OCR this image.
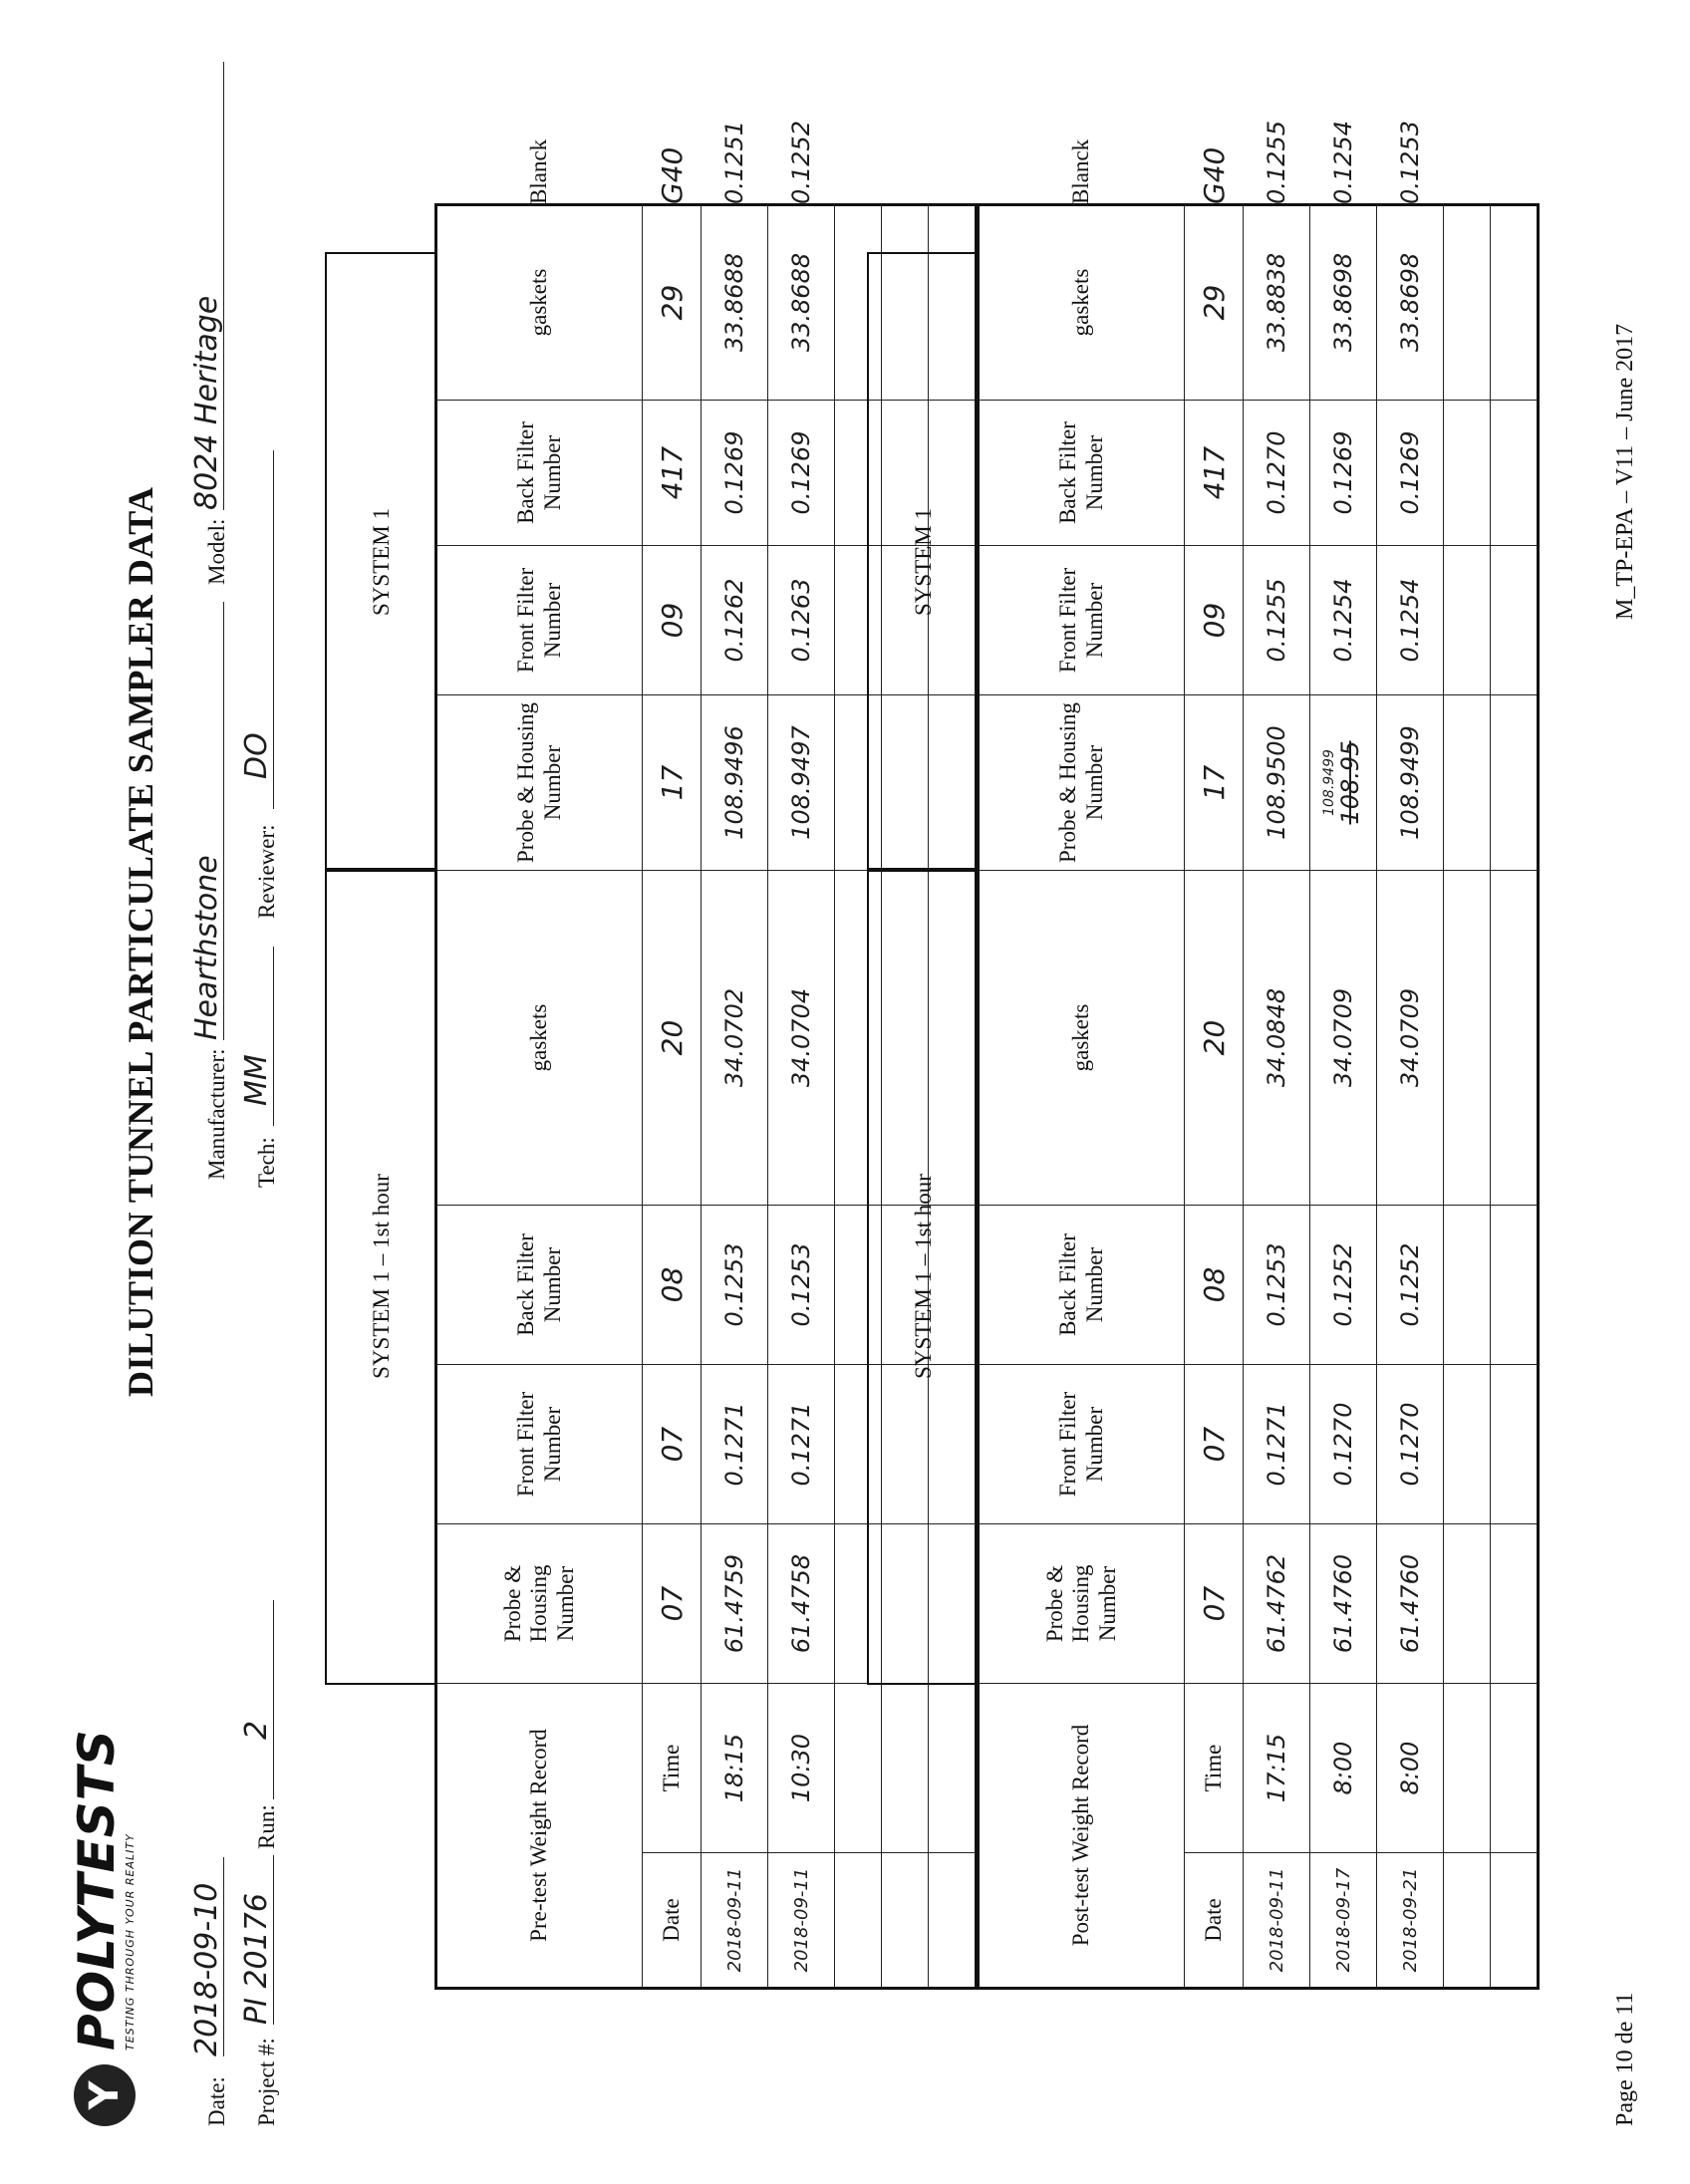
Y
POLYTESTS
TESTING THROUGH YOUR REALITY
DILUTION TUNNEL PARTICULATE SAMPLER DATA
Date:
2018-09-10
Manufacturer:
Hearthstone
Model:
8024 Heritage
Project #:
PI 20176
Run:
2
Tech:
MM
Reviewer:
DO
SYSTEM 1 – 1st hour
SYSTEM 1
Pre-test Weight Record		Probe & Housing Number	Front Filter Number	Back Filter Number	gaskets	Probe & Housing Number	Front Filter Number	Back Filter Number	gaskets	Blanck
Date	Time	07	07	08	20	17	09	417	29	G40
2018-09-11	18:15	61.4759	0.1271	0.1253	34.0702	108.9496	0.1262	0.1269	33.8688	0.1251
2018-09-11	10:30	61.4758	0.1271	0.1253	34.0704	108.9497	0.1263	0.1269	33.8688	0.1252

SYSTEM 1 – 1st hour
SYSTEM 1
Post-test Weight Record		Probe & Housing Number	Front Filter Number	Back Filter Number	gaskets	Probe & Housing Number	Front Filter Number	Back Filter Number	gaskets	Blanck
Date	Time	07	07	08	20	17	09	417	29	G40
2018-09-11	17:15	61.4762	0.1271	0.1253	34.0848	108.9500	0.1255	0.1270	33.8838	0.1255
2018-09-17	8:00	61.4760	0.1270	0.1252	34.0709	108.9499 108.95	0.1254	0.1269	33.8698	0.1254
2018-09-21	8:00	61.4760	0.1270	0.1252	34.0709	108.9499	0.1254	0.1269	33.8698	0.1253

Page 10 de 11
M_TP-EPA – V11 – June 2017
